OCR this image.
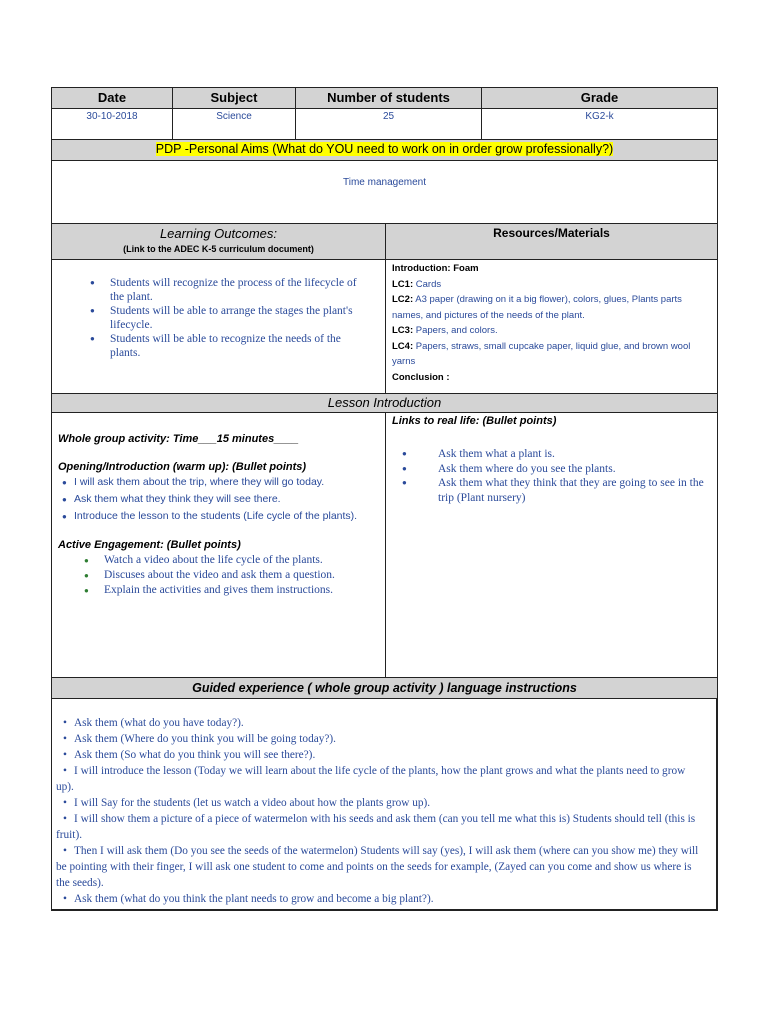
Date	Subject	Number of students	Grade
30-10-2018	Science	25	KG2-k
PDP -Personal Aims (What do YOU need to work on in order grow professionally?)
Time management
Learning Outcomes:
(Link to the ADEC K-5 curriculum document)
Resources/Materials
● Students will recognize the process of the lifecycle of the plant.
● Students will be able to arrange the stages the plant's lifecycle.
● Students will be able to recognize the needs of the plants.
Introduction: Foam
LC1: Cards
LC2: A3 paper (drawing on it a big flower), colors, glues, Plants parts names, and pictures of the needs of the plant.
LC3: Papers, and colors.
LC4: Papers, straws, small cupcake paper, liquid glue, and brown wool yarns
Conclusion :
Lesson Introduction
Whole group activity: Time___15 minutes____
Opening/Introduction (warm up): (Bullet points)
● I will ask them about the trip, where they will go today.
● Ask them what they think they will see there.
● Introduce the lesson to the students (Life cycle of the plants).
Active Engagement: (Bullet points)
● Watch a video about the life cycle of the plants.
● Discuses about the video and ask them a question.
● Explain the activities and gives them instructions.
Links to real life: (Bullet points)
● Ask them what a plant is.
● Ask them where do you see the plants.
● Ask them what they think that they are going to see in the trip (Plant nursery)
Guided experience ( whole group activity ) language instructions
• Ask them (what do you have today?).
• Ask them (Where do you think you will be going today?).
• Ask them (So what do you think you will see there?).
• I will introduce the lesson (Today we will learn about the life cycle of the plants, how the plant grows and what the plants need to grow up).
• I will Say for the students (let us watch a video about how the plants grow up).
• I will show them a picture of a piece of watermelon with his seeds and ask them (can you tell me what this is) Students should tell (this is fruit).
• Then I will ask them (Do you see the seeds of the watermelon) Students will say (yes), I will ask them (where can you show me) they will be pointing with their finger, I will ask one student to come and points on the seeds for example, (Zayed can you come and show us where is the seeds).
• Ask them (what do you think the plant needs to grow and become a big plant?).
